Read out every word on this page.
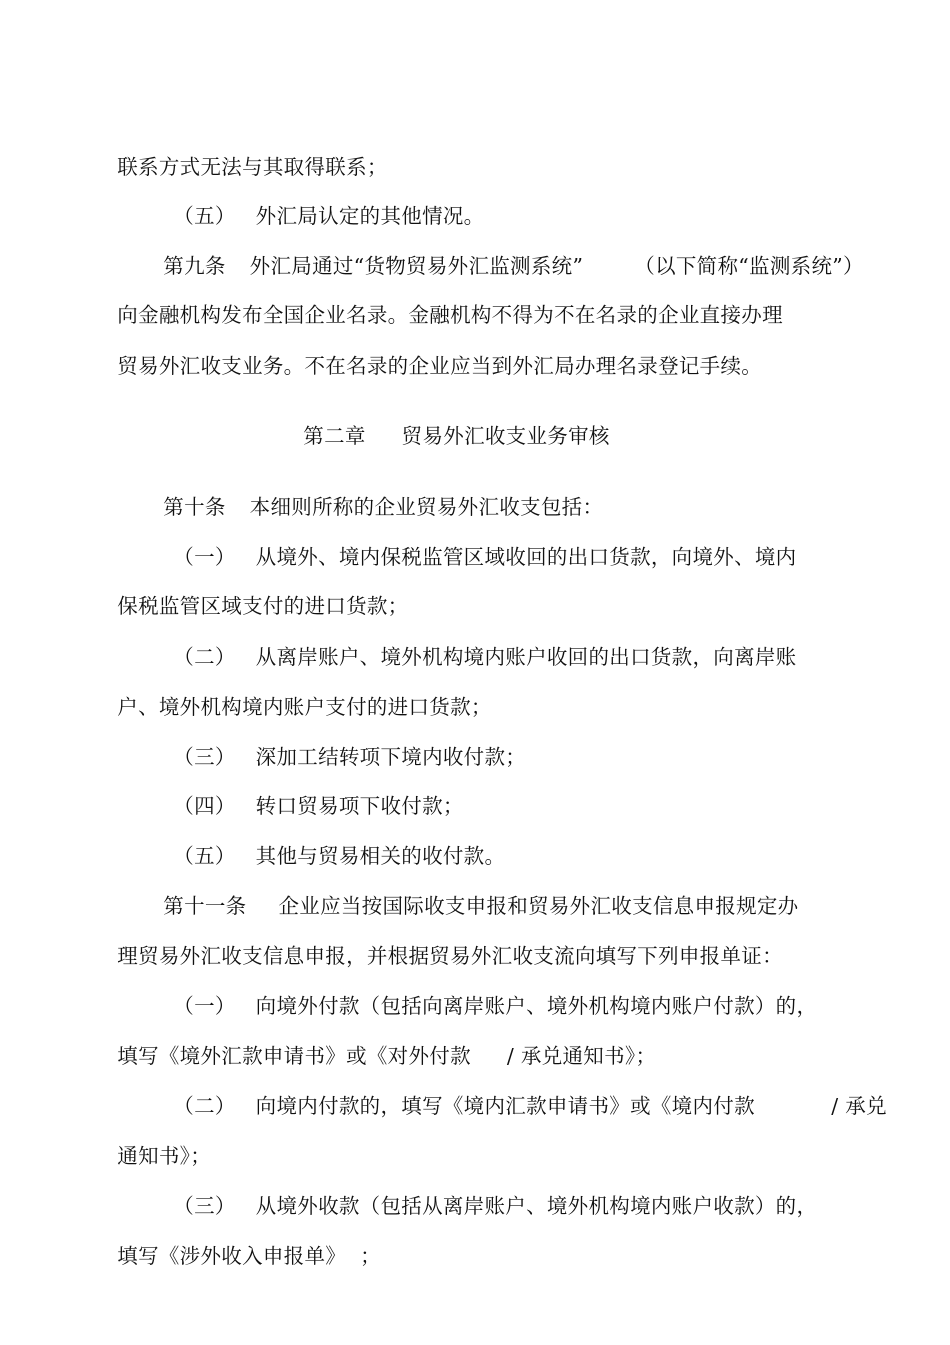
联系方式无法与其取得联系；

（五） 外汇局认定的其他情况。

第九条 外汇局通过“货物贸易外汇监测系统”
	（以下简称“监测系统”）

向金融机构发布全国企业名录。金融机构不得为不在名录的企业直接办理

贸易外汇收支业务。不在名录的企业应当到外汇局办理名录登记手续。

第二章 贸易外汇收支业务审核

第十条 本细则所称的企业贸易外汇收支包括：

（一） 从境外、境内保税监管区域收回的出口货款，向境外、境内

保税监管区域支付的进口货款；

（二） 从离岸账户、境外机构境内账户收回的出口货款，向离岸账

户、境外机构境内账户支付的进口货款；

（三） 深加工结转项下境内收付款；

（四） 转口贸易项下收付款；

（五） 其他与贸易相关的收付款。

第十一条 企业应当按国际收支申报和贸易外汇收支信息申报规定办

理贸易外汇收支信息申报，并根据贸易外汇收支流向填写下列申报单证：

（一） 向境外付款（包括向离岸账户、境外机构境内账户付款）的，

填写《境外汇款申请书》或《对外付款 / 承兑通知书》；

（二） 向境内付款的，填写《境内汇款申请书》或《境内付款
	/ 承兑

通知书》；

（三） 从境外收款（包括从离岸账户、境外机构境内账户收款）的，

填写《涉外收入申报单》 ；
